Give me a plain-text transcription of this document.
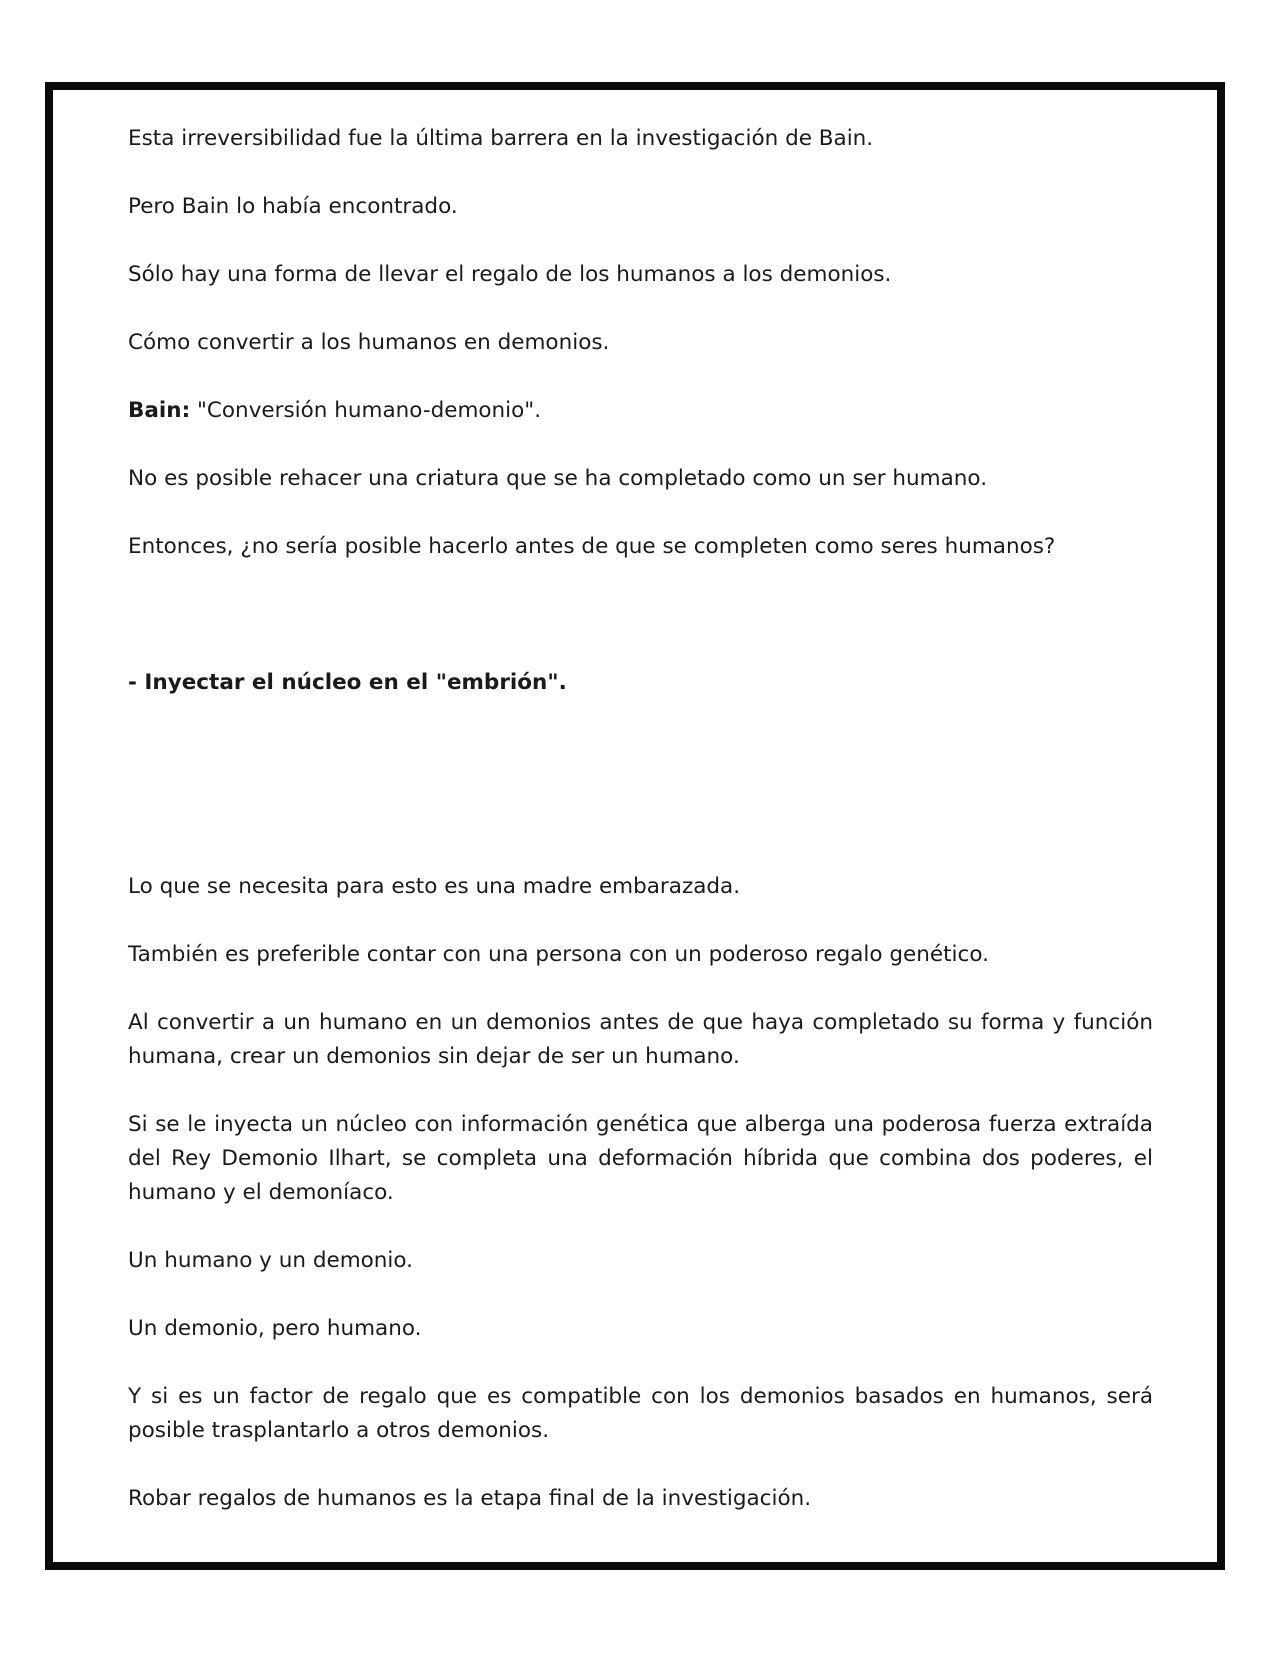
Esta irreversibilidad fue la última barrera en la investigación de Bain.

Pero Bain lo había encontrado.

Sólo hay una forma de llevar el regalo de los humanos a los demonios.

Cómo convertir a los humanos en demonios.

Bain: "Conversión humano-demonio".

No es posible rehacer una criatura que se ha completado como un ser humano.

Entonces, ¿no sería posible hacerlo antes de que se completen como seres humanos?

- Inyectar el núcleo en el "embrión".

Lo que se necesita para esto es una madre embarazada.

También es preferible contar con una persona con un poderoso regalo genético.

Al convertir a un humano en un demonios antes de que haya completado su forma y función humana, crear un demonios sin dejar de ser un humano.

Si se le inyecta un núcleo con información genética que alberga una poderosa fuerza extraída del Rey Demonio Ilhart, se completa una deformación híbrida que combina dos poderes, el humano y el demoníaco.

Un humano y un demonio.

Un demonio, pero humano.

Y si es un factor de regalo que es compatible con los demonios basados en humanos, será posible trasplantarlo a otros demonios.

Robar regalos de humanos es la etapa final de la investigación.
